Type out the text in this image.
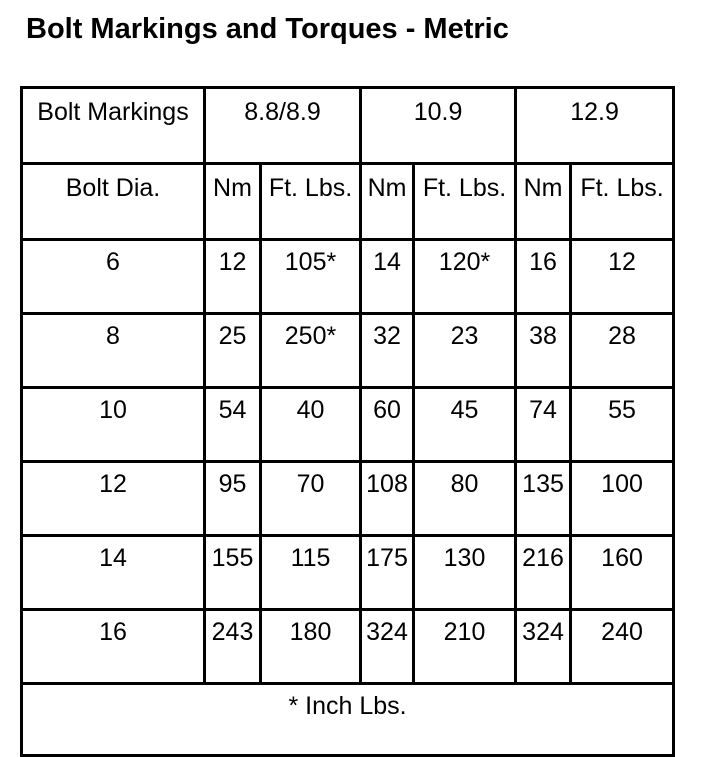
Bolt Markings and Torques - Metric
Bolt Markings	8.8/8.9		10.9		12.9	
Bolt Dia.	Nm	Ft. Lbs.	Nm	Ft. Lbs.	Nm	Ft. Lbs.
6	12	105*	14	120*	16	12
8	25	250*	32	23	38	28
10	54	40	60	45	74	55
12	95	70	108	80	135	100
14	155	115	175	130	216	160
16	243	180	324	210	324	240
* Inch Lbs.						
